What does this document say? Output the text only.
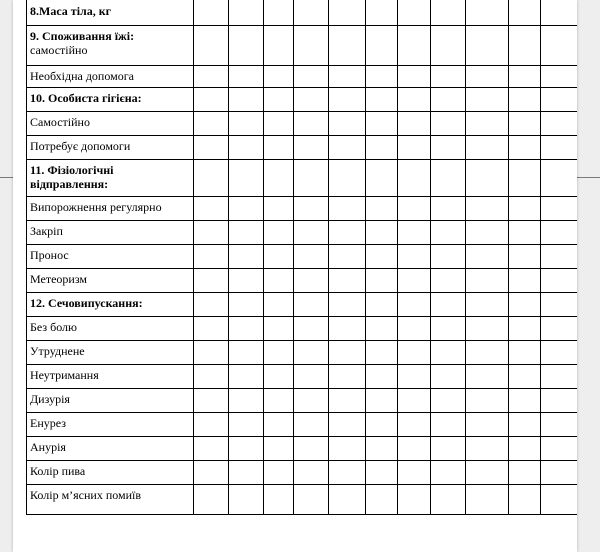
8.Маса тіла, кг											
9. Споживання їжі:
самостійно											
Необхідна допомога											
10. Особиста гігієна:											
Самостійно											
Потребує допомоги											
11. Фізіологічні відправлення:											
Випорожнення регулярно											
Закріп											
Пронос											
Метеоризм											
12. Сечовипускання:											
Без болю											
Утруднене											
Неутримання											
Дизурія											
Енурез											
Анурія											
Колір пива											
Колір м’ясних помиїв											
